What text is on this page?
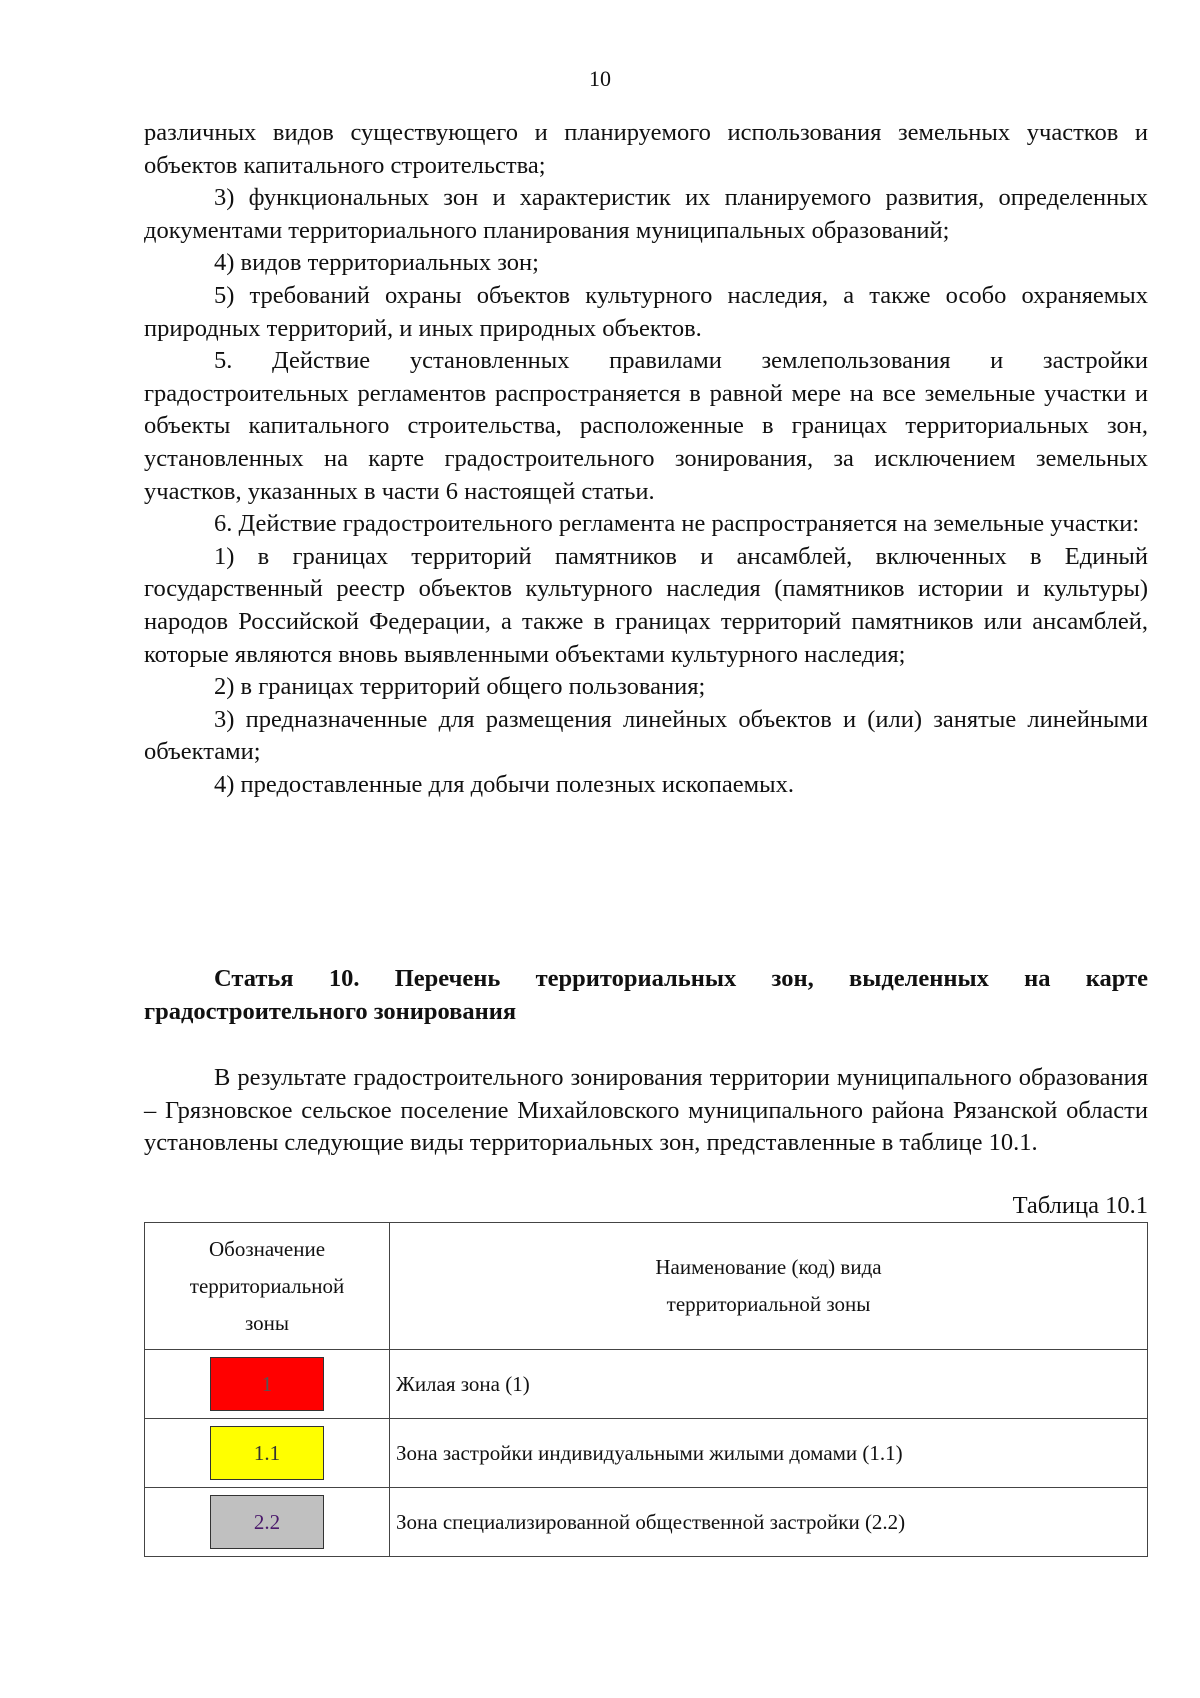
10

различных видов существующего и планируемого использования земельных участков и объектов капитального строительства;

3) функциональных зон и характеристик их планируемого развития, определенных документами территориального планирования муниципальных образований;

4) видов территориальных зон;

5) требований охраны объектов культурного наследия, а также особо охраняемых природных территорий, и иных природных объектов.

5. Действие установленных правилами землепользования и застройки градостроительных регламентов распространяется в равной мере на все земельные участки и объекты капитального строительства, расположенные в границах территориальных зон, установленных на карте градостроительного зонирования, за исключением земельных участков, указанных в части 6 настоящей статьи.

6. Действие градостроительного регламента не распространяется на земельные участки:

1) в границах территорий памятников и ансамблей, включенных в Единый государственный реестр объектов культурного наследия (памятников истории и культуры) народов Российской Федерации, а также в границах территорий памятников или ансамблей, которые являются вновь выявленными объектами культурного наследия;

2) в границах территорий общего пользования;

3) предназначенные для размещения линейных объектов и (или) занятые линейными объектами;

4) предоставленные для добычи полезных ископаемых.

Статья 10. Перечень территориальных зон, выделенных на карте градостроительного зонирования

В результате градостроительного зонирования территории муниципального образования – Грязновское сельское поселение Михайловского муниципального района Рязанской области установлены следующие виды территориальных зон, представленные в таблице 10.1.

Таблица 10.1
Обозначение территориальной зоны	Наименование (код) вида территориальной зоны

1	Жилая зона (1)

1.1	Зона застройки индивидуальными жилыми домами (1.1)

2.2	Зона специализированной общественной застройки (2.2)
